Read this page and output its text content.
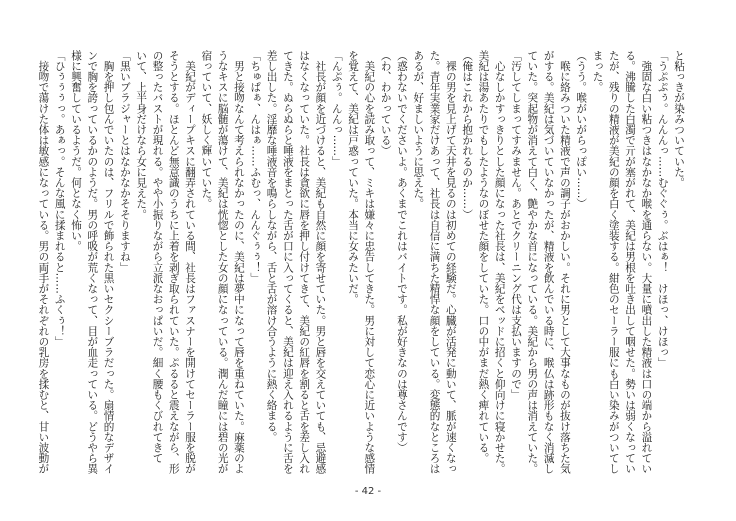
と粘っきが染みついていた。

「うぷぷぅ。んんんっ……むぐぐぅ。ぶはぁ！　けほっ、けほっ」

　強固な白い粘つきはなかなか喉を通らない。大量に噴出した精液は口の端から溢れてい

る。沸騰した白濁で亓が塞がれて、美紀は男根を吐き出して咽せた。勢いは弱くなってい

たが、残りの精液が美紀の顔を白く塗装する。紺色のセーラー服にも白い染みがついてし

まった。

（うう。喉がいがらっぽい……）

　喉に絡みついた精液で声の調子がおかしい。それに男として大事なものが抜け落ちた気

がする。美紀は気づいていなかったが、精液を飲んでいる時に、喉仏は跡形もなく消滅し

ていた。突起物が消えて白く、艶やかな首になっている。美紀から男の声は消えていた。

「汚してしまってすみません。あとでクリーニング代は支払いますので」

　心なしかすっきりとした顔になった社長は、美紀をベッドに招くと仰向けに寝かせた。

美紀は湯あたりでもしたようなのぼせた顔をしていた。口の中がまだ熱く痺れている。

（俺はこれから抱かれるのか……）

　裸の男を見上げて天井を見るのは初めての経験だ。心臓が活発に動いて、脈が速くなっ

た。青年実業家だけあって、社長は自信に満ちた精悍な顔をしている。変態的なところは

あるが、好ましいように思えた。

（惑わないでくださいよ。あくまでこれはバイトです。私が好きなのは尊さんです）

（わ、わかっている）

　美紀の心を読み取って、ミキは嫌々に忠告してきた。男に対して恋心に近いような感情

を覚えて、美紀は戸惑っていた。本当に女みたいだ。

「んぷぅ。んんっ……」

　社長が顔を近づけると、美紀も自然に顔を寄せていた。男と唇を交えていても、忌避感

はなくなっていた。社長は貪欲に唇を押し付けてきて、美紀の紅唇を割ると舌を差し入れ

てきた。ぬらぬらと唾液をまとった舌が口に入ってくると、美紀は迎え入れるように舌を

差し出した。淫靡な唾液音を鳴らしながら、舌と舌が溶け合うように熱く絡まる。

「ちゅぱぁ、んはぁ……ふむっ、んんぐぅぅ！」

　男と接吻なんて考えられなかったのに、美紀は夢中になって唇を重ねていた。麻薬のよ

うなキスに脳髄が蕩けて、美紀は恍惚とした女の顔になっている。潤んだ瞳には碧の光が

宿っていて、妖しく輝いていた。

　美紀がディープキスに翻弄されている間、社長はファスナーを開けてセーラー服を脱が

そうとする。ほとんど無意識のうちに上着を剥ぎ取られていた。ぷるると震えながら、形

の整ったバストが現れる。やや小振りながら立派なおっぱいだ。細く腰もくびれてきて

いて、上半身だけなら女に見えた。

「黒いブラジャーとはなかなかそそりますね」

　胸を押し包んでいたのは、フリルで飾られた黒いセクシーブラだった。扇情的なデザイ

ンで胸を誇っているかのようだ。男の呼吸が荒くなって、目が血走っている。どうやら異

様に興奮しているようだ。何となく怖い。

「ひぅぅぅっ。あぁっ。そんな風に揉まれると……ふくぅ！」

　接吻で蕩けた体は敏感になっている。男の両手がそれぞれの乳房を揉むと、甘い波動が

- 42 -
